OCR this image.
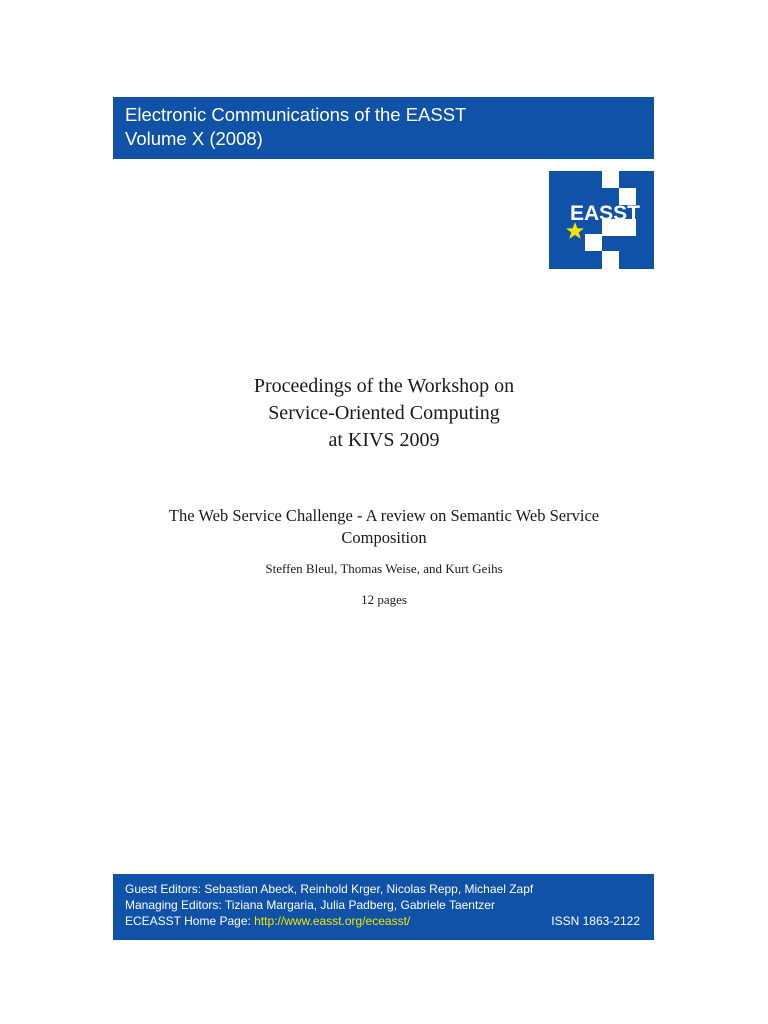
Electronic Communications of the EASST
Volume X (2008)
EASST
Proceedings of the Workshop on
Service-Oriented Computing
at KIVS 2009
The Web Service Challenge - A review on Semantic Web Service Composition
Steffen Bleul, Thomas Weise, and Kurt Geihs
12 pages
Guest Editors: Sebastian Abeck, Reinhold Krger, Nicolas Repp, Michael Zapf
Managing Editors: Tiziana Margaria, Julia Padberg, Gabriele Taentzer
ECEASST Home Page: http://www.easst.org/eceasst/	ISSN 1863-2122
